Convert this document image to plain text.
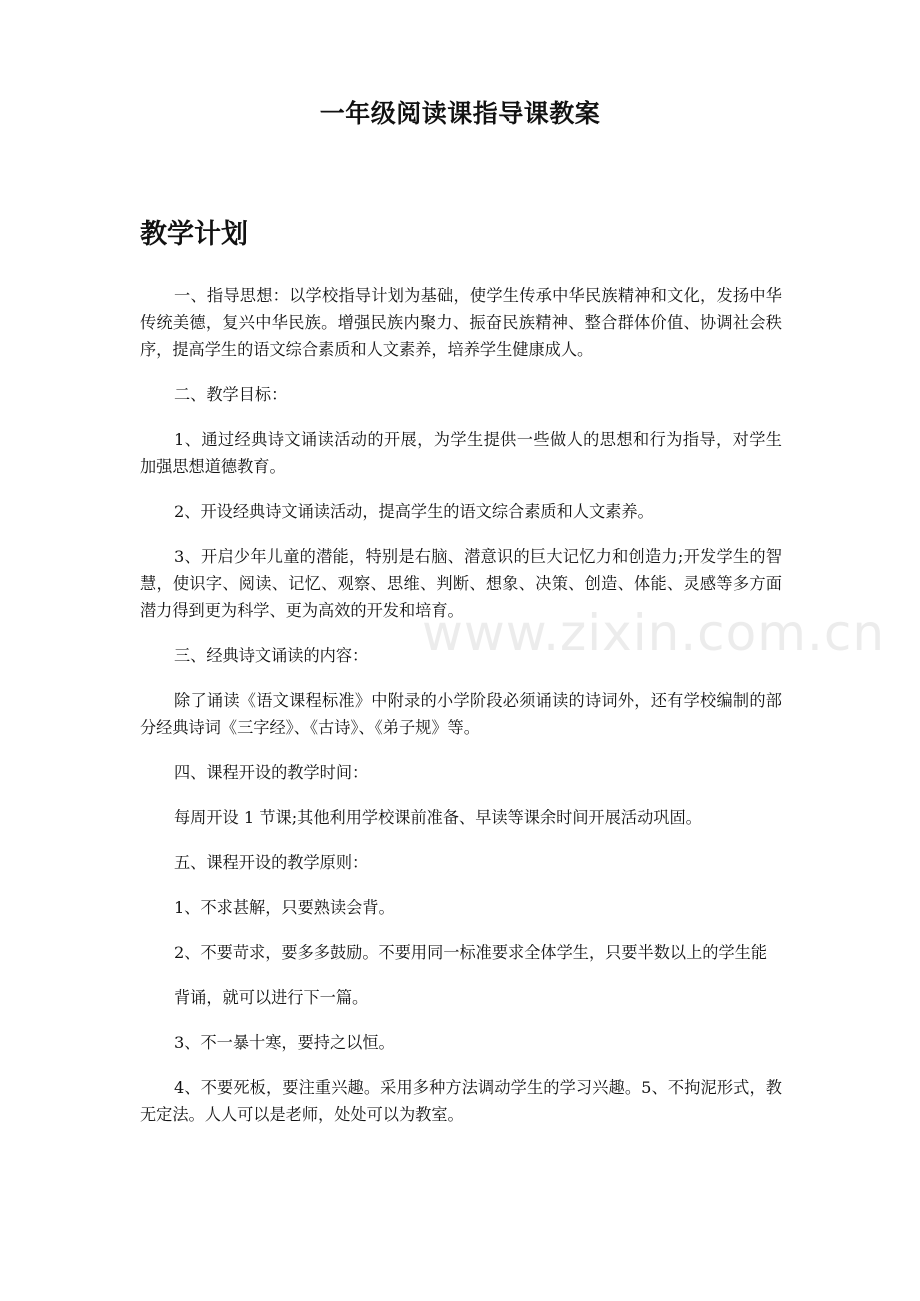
一年级阅读课指导课教案
教学计划

一、指导思想：以学校指导计划为基础，使学生传承中华民族精神和文化，发扬中华传统美德，复兴中华民族。增强民族内聚力、振奋民族精神、整合群体价值、协调社会秩序，提高学生的语文综合素质和人文素养，培养学生健康成人。

二、教学目标：

1、通过经典诗文诵读活动的开展，为学生提供一些做人的思想和行为指导，对学生加强思想道德教育。

2、开设经典诗文诵读活动，提高学生的语文综合素质和人文素养。

3、开启少年儿童的潜能，特别是右脑、潜意识的巨大记忆力和创造力;开发学生的智慧，使识字、阅读、记忆、观察、思维、判断、想象、决策、创造、体能、灵感等多方面潜力得到更为科学、更为高效的开发和培育。

三、经典诗文诵读的内容：

除了诵读《语文课程标准》中附录的小学阶段必须诵读的诗词外，还有学校编制的部分经典诗词《三字经》、《古诗》、《弟子规》等。

四、课程开设的教学时间：

每周开设 1 节课;其他利用学校课前准备、早读等课余时间开展活动巩固。

五、课程开设的教学原则：

1、不求甚解，只要熟读会背。

2、不要苛求，要多多鼓励。不要用同一标准要求全体学生，只要半数以上的学生能

背诵，就可以进行下一篇。

3、不一暴十寒，要持之以恒。

4、不要死板，要注重兴趣。采用多种方法调动学生的学习兴趣。5、不拘泥形式，教无定法。人人可以是老师，处处可以为教室。

www.zixin.com.cn
